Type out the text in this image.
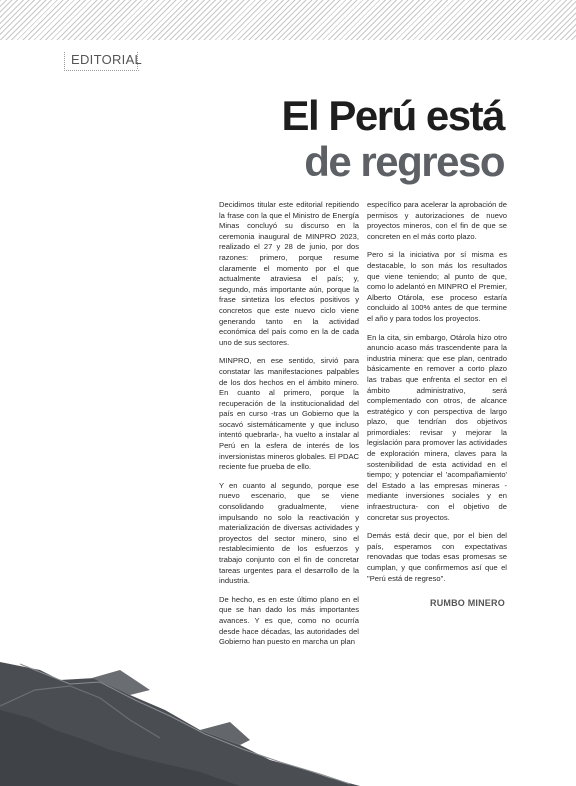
EDITORIAL
El Perú está
de regreso

Decidimos titular este editorial repitiendo la frase con la que el Ministro de Energía Minas concluyó su discurso en la ceremonia inaugural de MINPRO 2023, realizado el 27 y 28 de junio, por dos razones: primero, porque resume claramente el momento por el que actualmente atraviesa el país; y, segundo, más importante aún, porque la frase sintetiza los efectos positivos y concretos que este nuevo ciclo viene generando tanto en la actividad económica del país como en la de cada uno de sus sectores.

MINPRO, en ese sentido, sirvió para constatar las manifestaciones palpables de los dos hechos en el ámbito minero. En cuanto al primero, porque la recuperación de la institucionalidad del país en curso -tras un Gobierno que la socavó sistemáticamente y que incluso intentó quebrarla-, ha vuelto a instalar al Perú en la esfera de interés de los inversionistas mineros globales. El PDAC reciente fue prueba de ello.

Y en cuanto al segundo, porque ese nuevo escenario, que se viene consolidando gradualmente, viene impulsando no solo la reactivación y materialización de diversas actividades y proyectos del sector minero, sino el restablecimiento de los esfuerzos y trabajo conjunto con el fin de concretar tareas urgentes para el desarrollo de la industria.

De hecho, es en este último plano en el que se han dado los más importantes avances. Y es que, como no ocurría desde hace décadas, las autoridades del Gobierno han puesto en marcha un plan

específico para acelerar la aprobación de permisos y autorizaciones de nuevo proyectos mineros, con el fin de que se concreten en el más corto plazo.

Pero si la iniciativa por sí misma es destacable, lo son más los resultados que viene teniendo; al punto de que, como lo adelantó en MINPRO el Premier, Alberto Otárola, ese proceso estaría concluido al 100% antes de que termine el año y para todos los proyectos.

En la cita, sin embargo, Otárola hizo otro anuncio acaso más trascendente para la industria minera: que ese plan, centrado básicamente en remover a corto plazo las trabas que enfrenta el sector en el ámbito administrativo, será complementado con otros, de alcance estratégico y con perspectiva de largo plazo, que tendrían dos objetivos primordiales: revisar y mejorar la legislación para promover las actividades de exploración minera, claves para la sostenibilidad de esta actividad en el tiempo; y potenciar el 'acompañamiento' del Estado a las empresas mineras -mediante inversiones sociales y en infraestructura- con el objetivo de concretar sus proyectos.

Demás está decir que, por el bien del país, esperamos con expectativas renovadas que todas esas promesas se cumplan, y que confirmemos así que el "Perú está de regreso".

RUMBO MINERO
